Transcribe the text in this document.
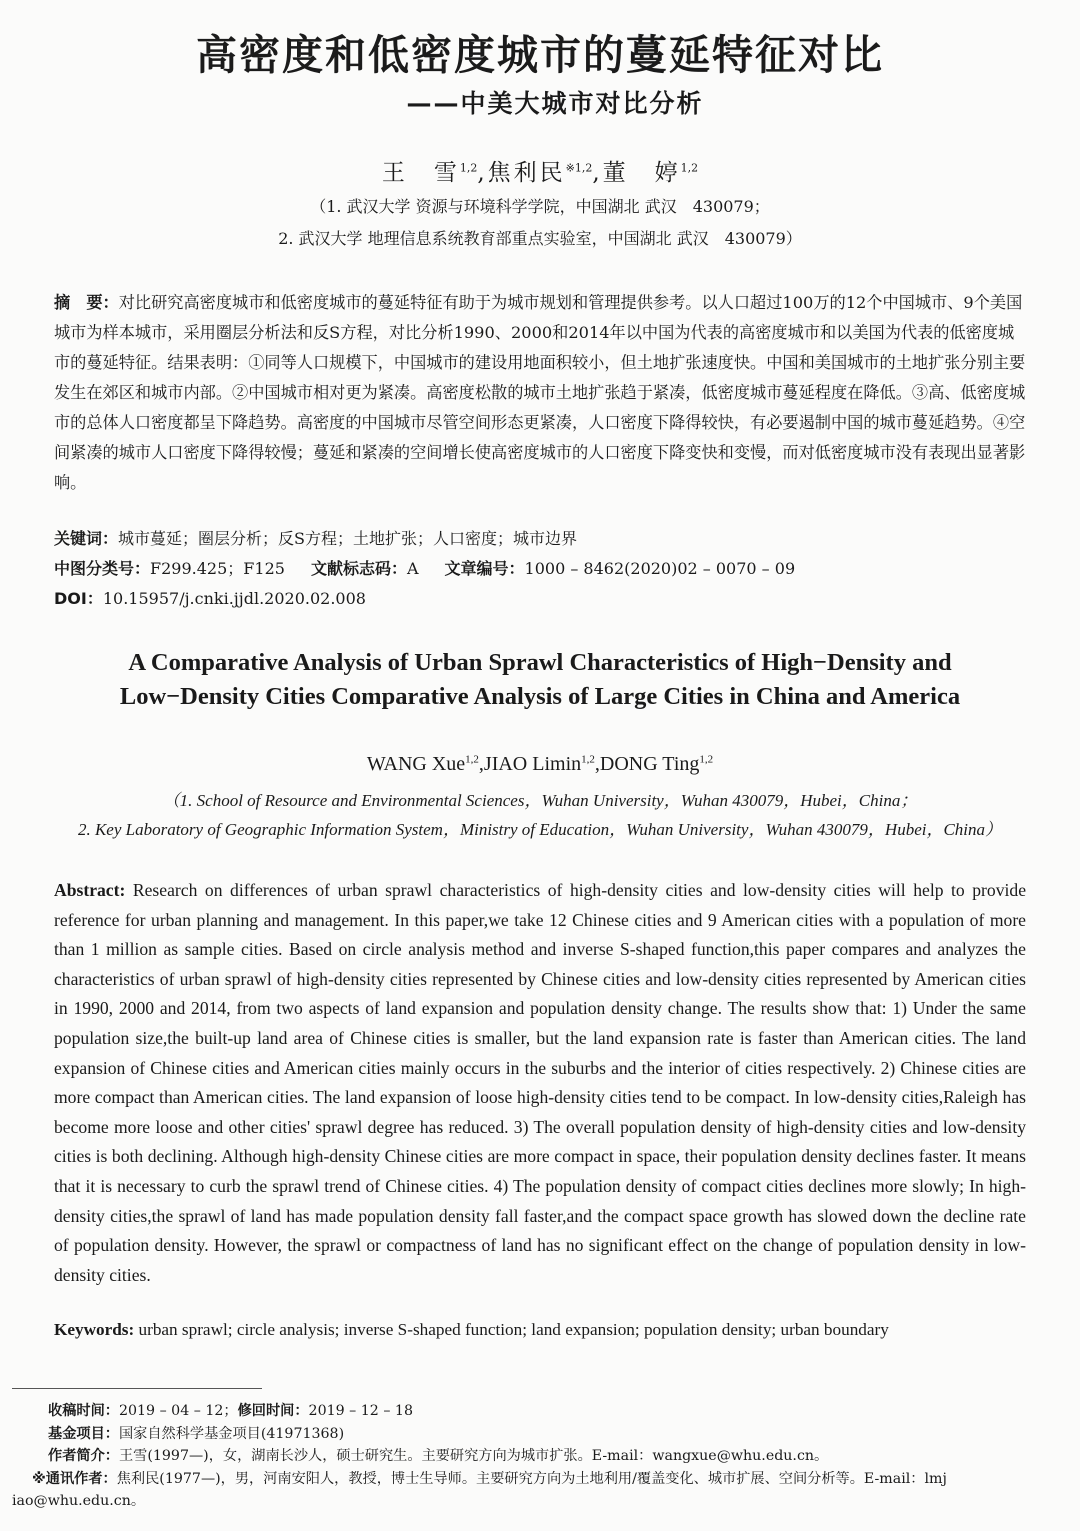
高密度和低密度城市的蔓延特征对比
——中美大城市对比分析
王　雪$^{1,2}$,焦利民$^{※1,2}$,董　婷$^{1,2}$
（1. 武汉大学 资源与环境科学学院，中国湖北 武汉　430079；
2. 武汉大学 地理信息系统教育部重点实验室，中国湖北 武汉　430079）

摘　要：对比研究高密度城市和低密度城市的蔓延特征有助于为城市规划和管理提供参考。以人口超过100万的12个中国城市、9个美国城市为样本城市，采用圈层分析法和反S方程，对比分析1990、2000和2014年以中国为代表的高密度城市和以美国为代表的低密度城市的蔓延特征。结果表明：①同等人口规模下，中国城市的建设用地面积较小，但土地扩张速度快。中国和美国城市的土地扩张分别主要发生在郊区和城市内部。②中国城市相对更为紧凑。高密度松散的城市土地扩张趋于紧凑，低密度城市蔓延程度在降低。③高、低密度城市的总体人口密度都呈下降趋势。高密度的中国城市尽管空间形态更紧凑，人口密度下降得较快，有必要遏制中国的城市蔓延趋势。④空间紧凑的城市人口密度下降得较慢；蔓延和紧凑的空间增长使高密度城市的人口密度下降变快和变慢，而对低密度城市没有表现出显著影响。

关键词：城市蔓延；圈层分析；反S方程；土地扩张；人口密度；城市边界
中图分类号：F299.425；F125 文献标志码：A 文章编号：1000 – 8462(2020)02 – 0070 – 09
DOI：10.15957/j.cnki.jjdl.2020.02.008
A Comparative Analysis of Urban Sprawl Characteristics of High−Density and
Low−Density Cities Comparative Analysis of Large Cities in China and America
WANG Xue$^{1,2}$,JIAO Limin$^{1,2}$,DONG Ting$^{1,2}$
（1. School of Resource and Environmental Sciences，Wuhan University，Wuhan 430079，Hubei，China；
2. Key Laboratory of Geographic Information System，Ministry of Education，Wuhan University，Wuhan 430079，Hubei，China）

Abstract: Research on differences of urban sprawl characteristics of high-density cities and low-density cities will help to provide reference for urban planning and management. In this paper,we take 12 Chinese cities and 9 American cities with a population of more than 1 million as sample cities. Based on circle analysis method and inverse S-shaped function,this paper compares and analyzes the characteristics of urban sprawl of high-density cities represented by Chinese cities and low-density cities represented by American cities in 1990, 2000 and 2014, from two aspects of land expansion and population density change. The results show that: 1) Under the same population size,the built-up land area of Chinese cities is smaller, but the land expansion rate is faster than American cities. The land expansion of Chinese cities and American cities mainly occurs in the suburbs and the interior of cities respectively. 2) Chinese cities are more compact than American cities. The land expansion of loose high-density cities tend to be compact. In low-density cities,Raleigh has become more loose and other cities' sprawl degree has reduced. 3) The overall population density of high-density cities and low-density cities is both declining. Although high-density Chinese cities are more compact in space, their population density declines faster. It means that it is necessary to curb the sprawl trend of Chinese cities. 4) The population density of compact cities declines more slowly; In high-density cities,the sprawl of land has made population density fall faster,and the compact space growth has slowed down the decline rate of population density. However, the sprawl or compactness of land has no significant effect on the change of population density in low-density cities.

Keywords: urban sprawl; circle analysis; inverse S-shaped function; land expansion; population density; urban boundary
收稿时间：2019 – 04 – 12；修回时间：2019 – 12 – 18
基金项目：国家自然科学基金项目(41971368)
作者简介：王雪(1997—)，女，湖南长沙人，硕士研究生。主要研究方向为城市扩张。E-mail：wangxue@whu.edu.cn。
※通讯作者：焦利民(1977—)，男，河南安阳人，教授，博士生导师。主要研究方向为土地利用/覆盖变化、城市扩展、空间分析等。E-mail：lmj
iao@whu.edu.cn。
